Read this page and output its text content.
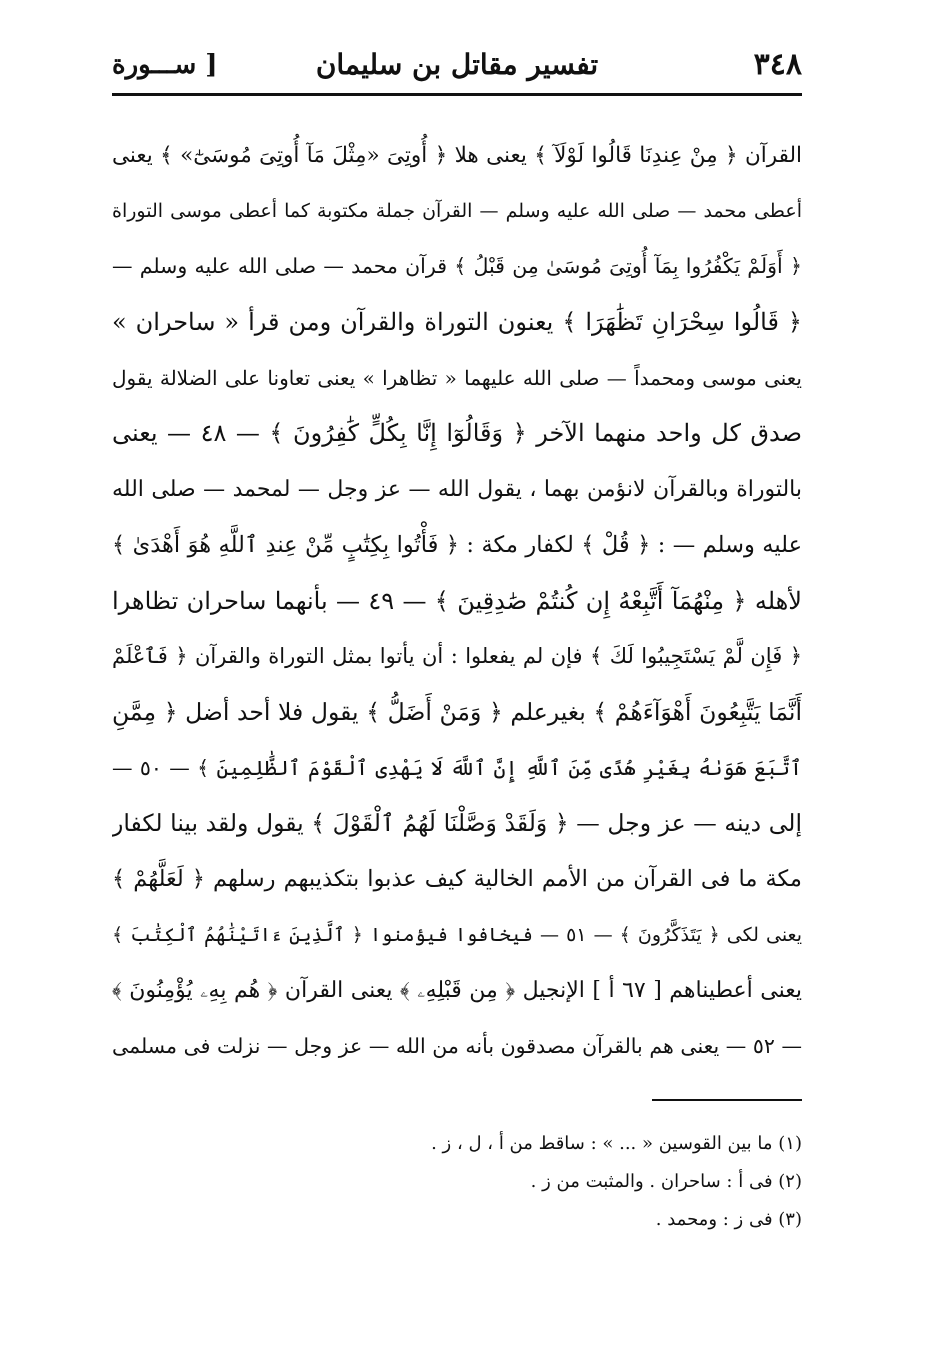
٣٤٨
تفسير مقاتل بن سليمان
[ ســـورة
القرآن ﴿ مِنْ عِندِنَا قَالُوا لَوْلَآ ﴾ يعنى هلا ﴿ أُوتِىَ «مِثْلَ مَآ أُوتِىَ مُوسَىٰٓ» ﴾ يعنى
أعطى محمد — صلى الله عليه وسلم — القرآن جملة مكتوبة كما أعطى موسى التوراة
﴿ أَوَلَمْ يَكْفُرُوا بِمَآ أُوتِىَ مُوسَىٰ مِن قَبْلُ ﴾ قرآن محمد — صلى الله عليه وسلم —
﴿ قَالُوا سِحْرَانِ تَظَٰهَرَا ﴾ يعنون التوراة والقرآن ومن قرأ « ساحران »
يعنى موسى ومحمداً — صلى الله عليهما « تظاهرا » يعنى تعاونا على الضلالة يقول
صدق كل واحد منهما الآخر ﴿ وَقَالُوٓا إِنَّا بِكُلٍّ كَٰفِرُونَ ﴾ — ٤٨ — يعنى
بالتوراة وبالقرآن لانؤمن بهما ، يقول الله — عز وجل — لمحمد — صلى الله
عليه وسلم — : ﴿ قُلْ ﴾ لكفار مكة : ﴿ فَأْتُوا بِكِتَٰبٍ مِّنْ عِندِ ٱللَّهِ هُوَ أَهْدَىٰ ﴾
لأهله ﴿ مِنْهُمَآ أَتَّبِعْهُ إِن كُنتُمْ صَٰدِقِينَ ﴾ — ٤٩ — بأنهما ساحران تظاهرا
﴿ فَإِن لَّمْ يَسْتَجِيبُوا لَكَ ﴾ فإن لم يفعلوا : أن يأتوا بمثل التوراة والقرآن ﴿ فَٱعْلَمْ
أَنَّمَا يَتَّبِعُونَ أَهْوَآءَهُمْ ﴾ بغيرعلم ﴿ وَمَنْ أَضَلُّ ﴾ يقول فلا أحد أضل ﴿ مِمَّنِ
ٱتَّبَعَ هَوَىٰهُ بِغَيْرِ هُدًى مِّنَ ٱللَّهِ إِنَّ ٱللَّهَ لَا يَهْدِى ٱلْقَوْمَ ٱلظَّٰلِمِينَ ﴾ — ٥٠ —
إلى دينه — عز وجل — ﴿ وَلَقَدْ وَصَّلْنَا لَهُمُ ٱلْقَوْلَ ﴾ يقول ولقد بينا لكفار
مكة ما فى القرآن من الأمم الخالية كيف عذبوا بتكذيبهم رسلهم ﴿ لَعَلَّهُمْ ﴾
يعنى لكى ﴿ يَتَذَكَّرُونَ ﴾ — ٥١ — فيخافوا فيؤمنوا ﴿ ٱلَّذِينَ ءَاتَيْنَٰهُمُ ٱلْكِتَٰبَ ﴾
يعنى أعطيناهم [ ٦٧ أ ] الإنجيل ﴿ مِن قَبْلِهِۦ ﴾ يعنى القرآن ﴿ هُم بِهِۦ يُؤْمِنُونَ ﴾
— ٥٢ — يعنى هم بالقرآن مصدقون بأنه من الله — عز وجل — نزلت فى مسلمى
(١) ما بين القوسين « ... » : ساقط من أ ، ل ، ز .
(٢) فى أ : ساحران . والمثبت من ز .
(٣) فى ز : ومحمد .
